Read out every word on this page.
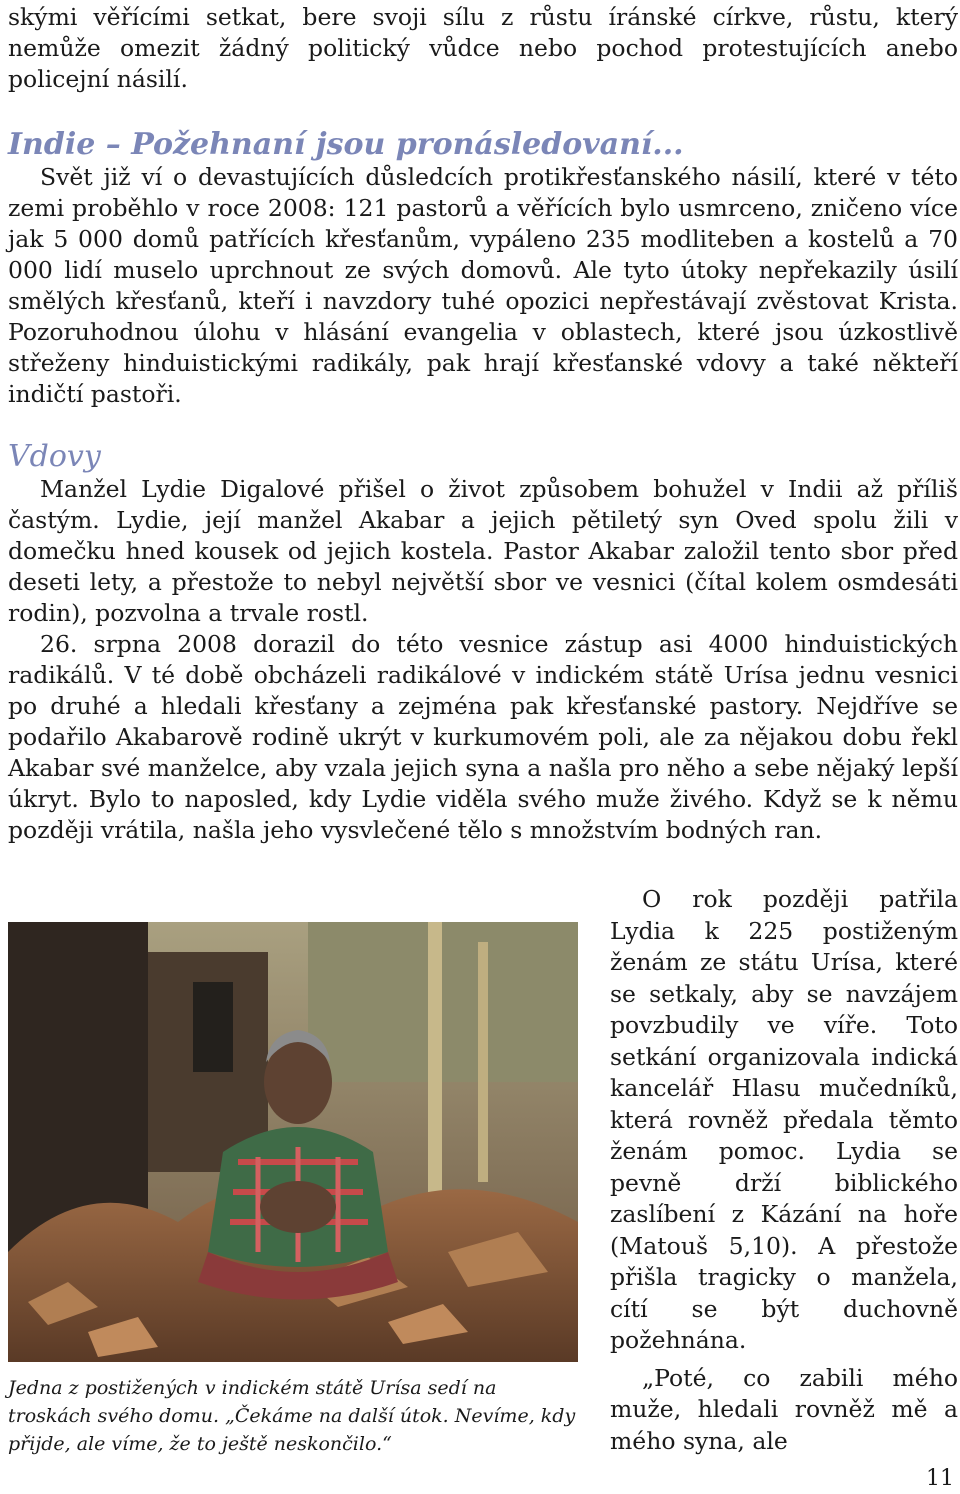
skými věřícími setkat, bere svoji sílu z růstu íránské církve, růstu, který nemůže omezit žádný politický vůdce nebo pochod protestujících anebo policejní násilí.

Indie – Požehnaní jsou pronásledovaní...

Svět již ví o devastujících důsledcích protikřesťanského násilí, které v této zemi proběhlo v roce 2008: 121 pastorů a věřících bylo usmrceno, zničeno více jak 5 000 domů patřících křesťanům, vypáleno 235 modliteben a kostelů a 70 000 lidí muselo uprchnout ze svých domovů. Ale tyto útoky nepřekazily úsilí smělých křesťanů, kteří i navzdory tuhé opozici nepřestávají zvěstovat Krista. Pozoruhodnou úlohu v hlásání evangelia v oblastech, které jsou úzkostlivě střeženy hinduistickými radikály, pak hrají křesťanské vdovy a také někteří indičtí pastoři.

Vdovy

Manžel Lydie Digalové přišel o život způsobem bohužel v Indii až příliš častým. Lydie, její manžel Akabar a jejich pětiletý syn Oved spolu žili v domečku hned kousek od jejich kostela. Pastor Akabar založil tento sbor před deseti lety, a přestože to nebyl největší sbor ve vesnici (čítal kolem osmdesáti rodin), pozvolna a trvale rostl.

26. srpna 2008 dorazil do této vesnice zástup asi 4000 hinduistických radikálů. V té době obcházeli radikálové v indickém státě Urísa jednu vesnici po druhé a hledali křesťany a zejména pak křesťanské pastory. Nejdříve se podařilo Akabarově rodině ukrýt v kurkumovém poli, ale za nějakou dobu řekl Akabar své manželce, aby vzala jejich syna a našla pro něho a sebe nějaký lepší úkryt. Bylo to naposled, kdy Lydie viděla svého muže živého. Když se k němu později vrátila, našla jeho vysvlečené tělo s množstvím bodných ran.

Jedna z postižených v indickém státě Urísa sedí na troskách svého domu. „Čekáme na další útok. Nevíme, kdy přijde, ale víme, že to ještě neskončilo.“

O rok později patřila Lydia k 225 postiženým ženám ze státu Urísa, které se setkaly, aby se navzájem povzbudily ve víře. Toto setkání organizovala indická kancelář Hlasu mučedníků, která rovněž předala těmto ženám pomoc. Lydia se pevně drží biblického zaslíbení z Kázání na hoře (Matouš 5,10). A přestože přišla tragicky o manžela, cítí se být duchovně požehnána.

„Poté, co zabili mého muže, hledali rovněž mě a mého syna, ale

11
